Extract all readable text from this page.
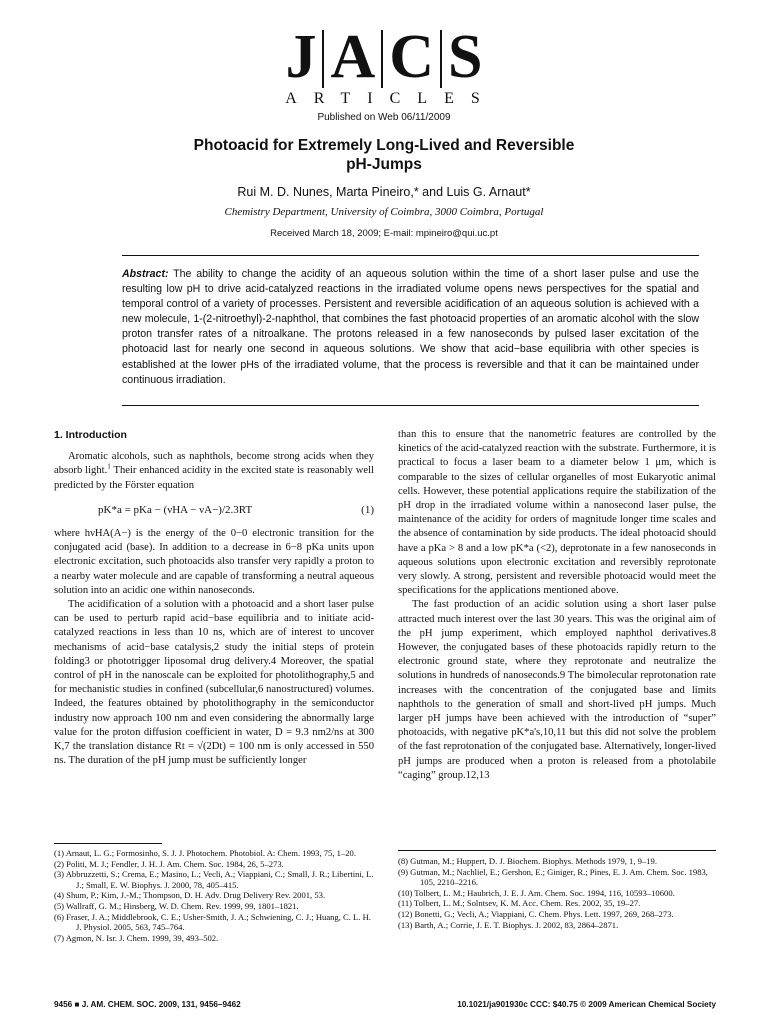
J A C S
ARTICLES
Published on Web 06/11/2009
Photoacid for Extremely Long-Lived and Reversible
pH-Jumps
Rui M. D. Nunes, Marta Pineiro,* and Luis G. Arnaut*
Chemistry Department, University of Coimbra, 3000 Coimbra, Portugal
Received March 18, 2009; E-mail: mpineiro@qui.uc.pt
Abstract: The ability to change the acidity of an aqueous solution within the time of a short laser pulse and use the resulting low pH to drive acid-catalyzed reactions in the irradiated volume opens news perspectives for the spatial and temporal control of a variety of processes. Persistent and reversible acidification of an aqueous solution is achieved with a new molecule, 1-(2-nitroethyl)-2-naphthol, that combines the fast photoacid properties of an aromatic alcohol with the slow proton transfer rates of a nitroalkane. The protons released in a few nanoseconds by pulsed laser excitation of the photoacid last for nearly one second in aqueous solutions. We show that acid−base equilibria with other species is established at the lower pHs of the irradiated volume, that the process is reversible and that it can be maintained under continuous irradiation.
1. Introduction

Aromatic alcohols, such as naphthols, become strong acids when they absorb light.$^1$ Their enhanced acidity in the excited state is reasonably well predicted by the Förster equation

pK*a = pKa − (νHA − νA−)/2.3RT	(1)

where hνHA(A−) is the energy of the 0−0 electronic transition for the conjugated acid (base). In addition to a decrease in 6−8 pKa units upon electronic excitation, such photoacids also transfer very rapidly a proton to a nearby water molecule and are capable of transforming a neutral aqueous solution into an acidic one within nanoseconds.

The acidification of a solution with a photoacid and a short laser pulse can be used to perturb rapid acid−base equilibria and to initiate acid-catalyzed reactions in less than 10 ns, which are of interest to uncover mechanisms of acid−base catalysis,2 study the initial steps of protein folding3 or phototrigger liposomal drug delivery.4 Moreover, the spatial control of pH in the nanoscale can be exploited for photolithography,5 and for mechanistic studies in confined (subcellular,6 nanostructured) volumes. Indeed, the features obtained by photolithography in the semiconductor industry now approach 100 nm and even considering the abnormally large value for the proton diffusion coefficient in water, D = 9.3 nm2/ns at 300 K,7 the translation distance Rt = √(2Dt) = 100 nm is only accessed in 550 ns. The duration of the pH jump must be sufficiently longer

than this to ensure that the nanometric features are controlled by the kinetics of the acid-catalyzed reaction with the substrate. Furthermore, it is practical to focus a laser beam to a diameter below 1 μm, which is comparable to the sizes of cellular organelles of most Eukaryotic animal cells. However, these potential applications require the stabilization of the pH drop in the irradiated volume within a nanosecond laser pulse, the maintenance of the acidity for orders of magnitude longer time scales and the absence of contamination by side products. The ideal photoacid should have a pKa > 8 and a low pK*a (<2), deprotonate in a few nanoseconds in aqueous solutions upon electronic excitation and reversibly reprotonate very slowly. A strong, persistent and reversible photoacid would meet the specifications for the applications mentioned above.

The fast production of an acidic solution using a short laser pulse attracted much interest over the last 30 years. This was the original aim of the pH jump experiment, which employed naphthol derivatives.8 However, the conjugated bases of these photoacids rapidly return to the electronic ground state, where they reprotonate and neutralize the solutions in hundreds of nanoseconds.9 The bimolecular reprotonation rate increases with the concentration of the conjugated base and limits naphthols to the generation of small and short-lived pH jumps. Much larger pH jumps have been achieved with the introduction of “super” photoacids, with negative pK*a's,10,11 but this did not solve the problem of the fast reprotonation of the conjugated base. Alternatively, longer-lived pH jumps are produced when a proton is released from a photolabile “caging” group.12,13

(1) Arnaut, L. G.; Formosinho, S. J. J. Photochem. Photobiol. A: Chem. 1993, 75, 1–20.
(2) Politi, M. J.; Fendler, J. H. J. Am. Chem. Soc. 1984, 26, 5–273.
(3) Abbruzzetti, S.; Crema, E.; Masino, L.; Vecli, A.; Viappiani, C.; Small, J. R.; Libertini, L. J.; Small, E. W. Biophys. J. 2000, 78, 405–415.
(4) Shum, P.; Kim, J.-M.; Thompson, D. H. Adv. Drug Delivery Rev. 2001, 53.
(5) Wallraff, G. M.; Hinsberg, W. D. Chem. Rev. 1999, 99, 1801–1821.
(6) Fraser, J. A.; Middlebrook, C. E.; Usher-Smith, J. A.; Schwiening, C. J.; Huang, C. L. H. J. Physiol. 2005, 563, 745–764.
(7) Agmon, N. Isr. J. Chem. 1999, 39, 493–502.
(8) Gutman, M.; Huppert, D. J. Biochem. Biophys. Methods 1979, 1, 9–19.
(9) Gutman, M.; Nachliel, E.; Gershon, E.; Giniger, R.; Pines, E. J. Am. Chem. Soc. 1983, 105, 2210–2216.
(10) Tolbert, L. M.; Haubrich, J. E. J. Am. Chem. Soc. 1994, 116, 10593–10600.
(11) Tolbert, L. M.; Solntsev, K. M. Acc. Chem. Res. 2002, 35, 19–27.
(12) Bonetti, G.; Vecli, A.; Viappiani, C. Chem. Phys. Lett. 1997, 269, 268–273.
(13) Barth, A.; Corrie, J. E. T. Biophys. J. 2002, 83, 2864–2871.
9456 ■ J. AM. CHEM. SOC. 2009, 131, 9456–9462	10.1021/ja901930c CCC: $40.75 © 2009 American Chemical Society
